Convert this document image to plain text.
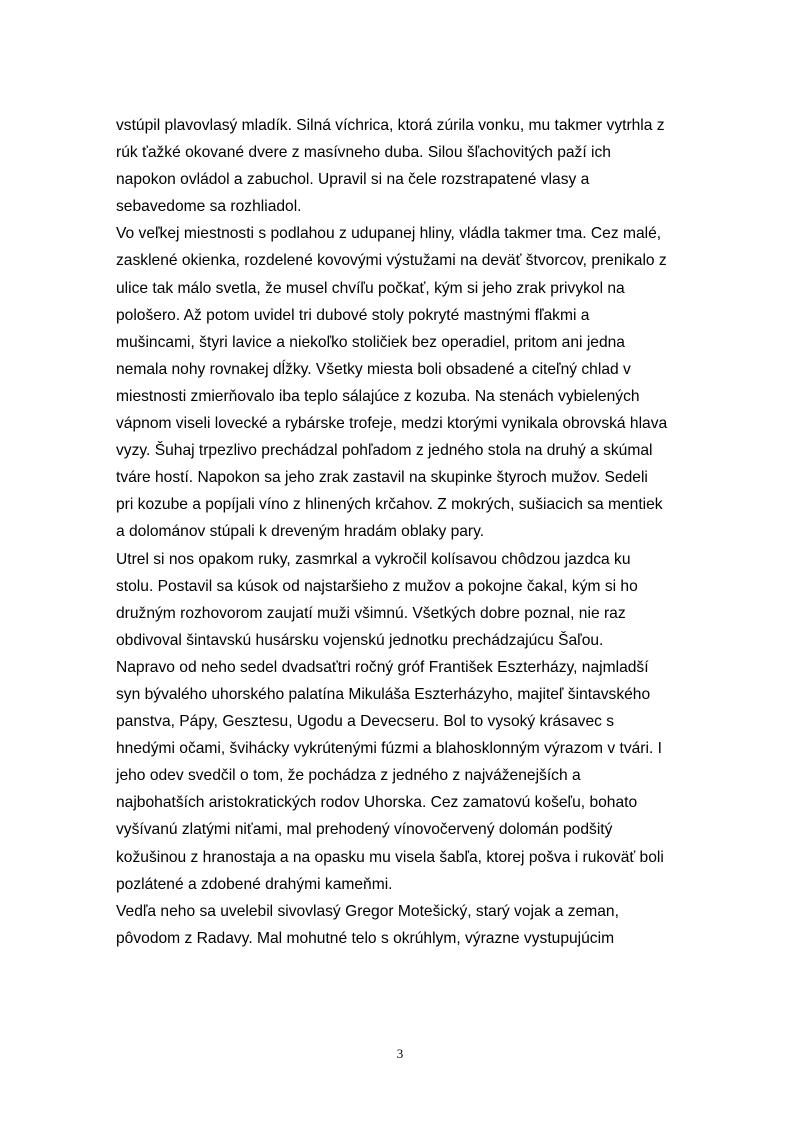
vstúpil plavovlasý mladík. Silná víchrica, ktorá zúrila vonku, mu takmer vytrhla z
rúk ťažké okované dvere z masívneho duba. Silou šľachovitých paží ich
napokon ovládol a zabuchol. Upravil si na čele rozstrapatené vlasy a
sebavedome sa rozhliadol.
Vo veľkej miestnosti s podlahou z udupanej hliny, vládla takmer tma. Cez malé,
zasklené okienka, rozdelené kovovými výstužami na deväť štvorcov, prenikalo z
ulice tak málo svetla, že musel chvíľu počkať, kým si jeho zrak privykol na
pološero. Až potom uvidel tri dubové stoly pokryté mastnými fľakmi a
mušincami, štyri lavice a niekoľko stoličiek bez operadiel, pritom ani jedna
nemala nohy rovnakej dĺžky. Všetky miesta boli obsadené a citeľný chlad v
miestnosti zmierňovalo iba teplo sálajúce z kozuba. Na stenách vybielených
vápnom viseli lovecké a rybárske trofeje, medzi ktorými vynikala obrovská hlava
vyzy. Šuhaj trpezlivo prechádzal pohľadom z jedného stola na druhý a skúmal
tváre hostí. Napokon sa jeho zrak zastavil na skupinke štyroch mužov. Sedeli
pri kozube a popíjali víno z hlinených krčahov. Z mokrých, sušiacich sa mentiek
a dolománov stúpali k dreveným hradám oblaky pary.
Utrel si nos opakom ruky, zasmrkal a vykročil kolísavou chôdzou jazdca ku
stolu. Postavil sa kúsok od najstaršieho z mužov a pokojne čakal, kým si ho
družným rozhovorom zaujatí muži všimnú. Všetkých dobre poznal, nie raz
obdivoval šintavskú husársku vojenskú jednotku prechádzajúcu Šaľou.
Napravo od neho sedel dvadsaťtri ročný gróf František Eszterházy, najmladší
syn bývalého uhorského palatína Mikuláša Eszterházyho, majiteľ šintavského
panstva, Pápy, Gesztesu, Ugodu a Devecseru. Bol to vysoký krásavec s
hnedými očami, šviháckу vykrútenými fúzmi a blahosklonným výrazom v tvári. I
jeho odev svedčil o tom, že pochádza z jedného z najváženejších a
najbohatších aristokratických rodov Uhorska. Cez zamatovú košeľu, bohato
vyšívanú zlatými niťami, mal prehodený vínovočervený dolomán podšitý
kožušinou z hranostaja a na opasku mu visela šabľa, ktorej pošva i rukoväť boli
pozlátené a zdobené drahými kameňmi.
Vedľa neho sa uvelebil sivovlasý Gregor Motešický, starý vojak a zeman,
pôvodom z Radavy. Mal mohutné telo s okrúhlym, výrazne vystupujúcim
3
